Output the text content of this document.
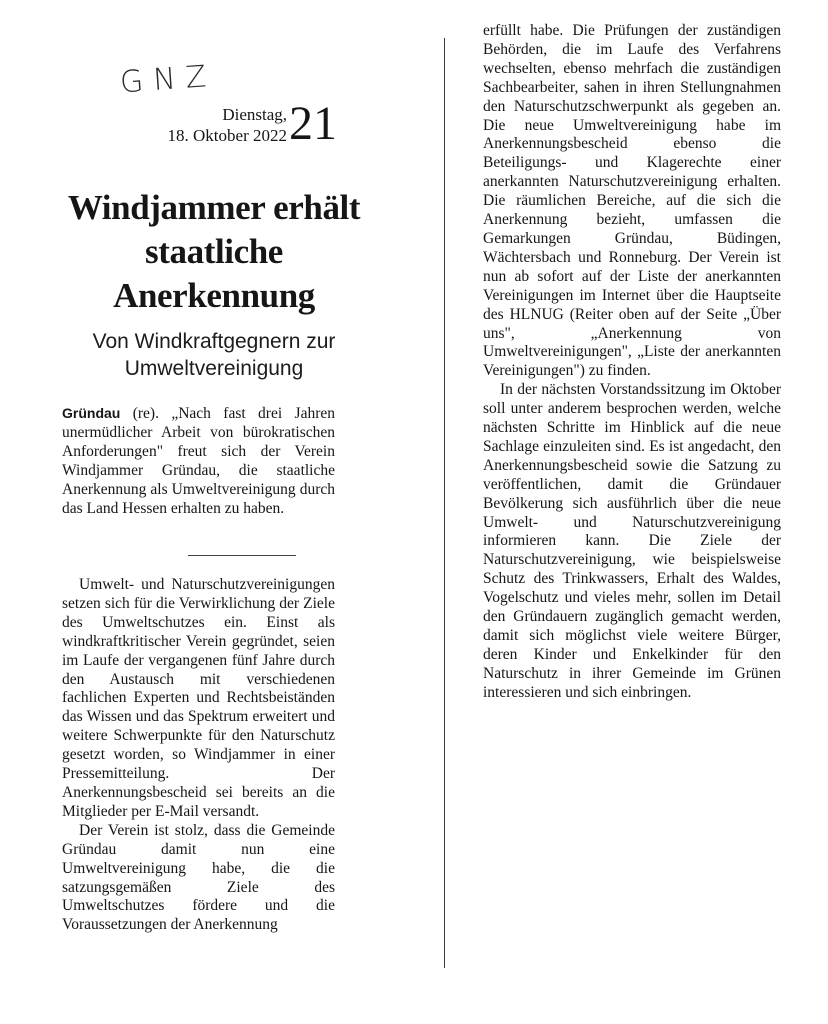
GNZ
Dienstag,
18. Oktober 2022 21
Windjammer erhält staatliche Anerkennung
Von Windkraftgegnern zur Umweltvereinigung

Gründau (re). „Nach fast drei Jahren unermüdlicher Arbeit von bürokratischen Anforderungen" freut sich der Verein Windjammer Gründau, die staatliche Anerkennung als Umweltvereinigung durch das Land Hessen erhalten zu haben.

Umwelt- und Naturschutzvereinigungen setzen sich für die Verwirklichung der Ziele des Umweltschutzes ein. Einst als windkraftkritischer Verein gegründet, seien im Laufe der vergangenen fünf Jahre durch den Austausch mit verschiedenen fachlichen Experten und Rechtsbeiständen das Wissen und das Spektrum erweitert und weitere Schwerpunkte für den Naturschutz gesetzt worden, so Windjammer in einer Pressemitteilung. Der Anerkennungsbescheid sei bereits an die Mitglieder per E-Mail versandt.

Der Verein ist stolz, dass die Gemeinde Gründau damit nun eine Umweltvereinigung habe, die die satzungsgemäßen Ziele des Umweltschutzes fördere und die Voraussetzungen der Anerkennung

erfüllt habe. Die Prüfungen der zuständigen Behörden, die im Laufe des Verfahrens wechselten, ebenso mehrfach die zuständigen Sachbearbeiter, sahen in ihren Stellungnahmen den Naturschutzschwerpunkt als gegeben an. Die neue Umweltvereinigung habe im Anerkennungsbescheid ebenso die Beteiligungs- und Klagerechte einer anerkannten Naturschutzvereinigung erhalten. Die räumlichen Bereiche, auf die sich die Anerkennung bezieht, umfassen die Gemarkungen Gründau, Büdingen, Wächtersbach und Ronneburg. Der Verein ist nun ab sofort auf der Liste der anerkannten Vereinigungen im Internet über die Hauptseite des HLNUG (Reiter oben auf der Seite „Über uns", „Anerkennung von Umweltvereinigungen", „Liste der anerkannten Vereinigungen") zu finden.

In der nächsten Vorstandssitzung im Oktober soll unter anderem besprochen werden, welche nächsten Schritte im Hinblick auf die neue Sachlage einzuleiten sind. Es ist angedacht, den Anerkennungsbescheid sowie die Satzung zu veröffentlichen, damit die Gründauer Bevölkerung sich ausführlich über die neue Umwelt- und Naturschutzvereinigung informieren kann. Die Ziele der Naturschutzvereinigung, wie beispielsweise Schutz des Trinkwassers, Erhalt des Waldes, Vogelschutz und vieles mehr, sollen im Detail den Gründauern zugänglich gemacht werden, damit sich möglichst viele weitere Bürger, deren Kinder und Enkelkinder für den Naturschutz in ihrer Gemeinde im Grünen interessieren und sich einbringen.
